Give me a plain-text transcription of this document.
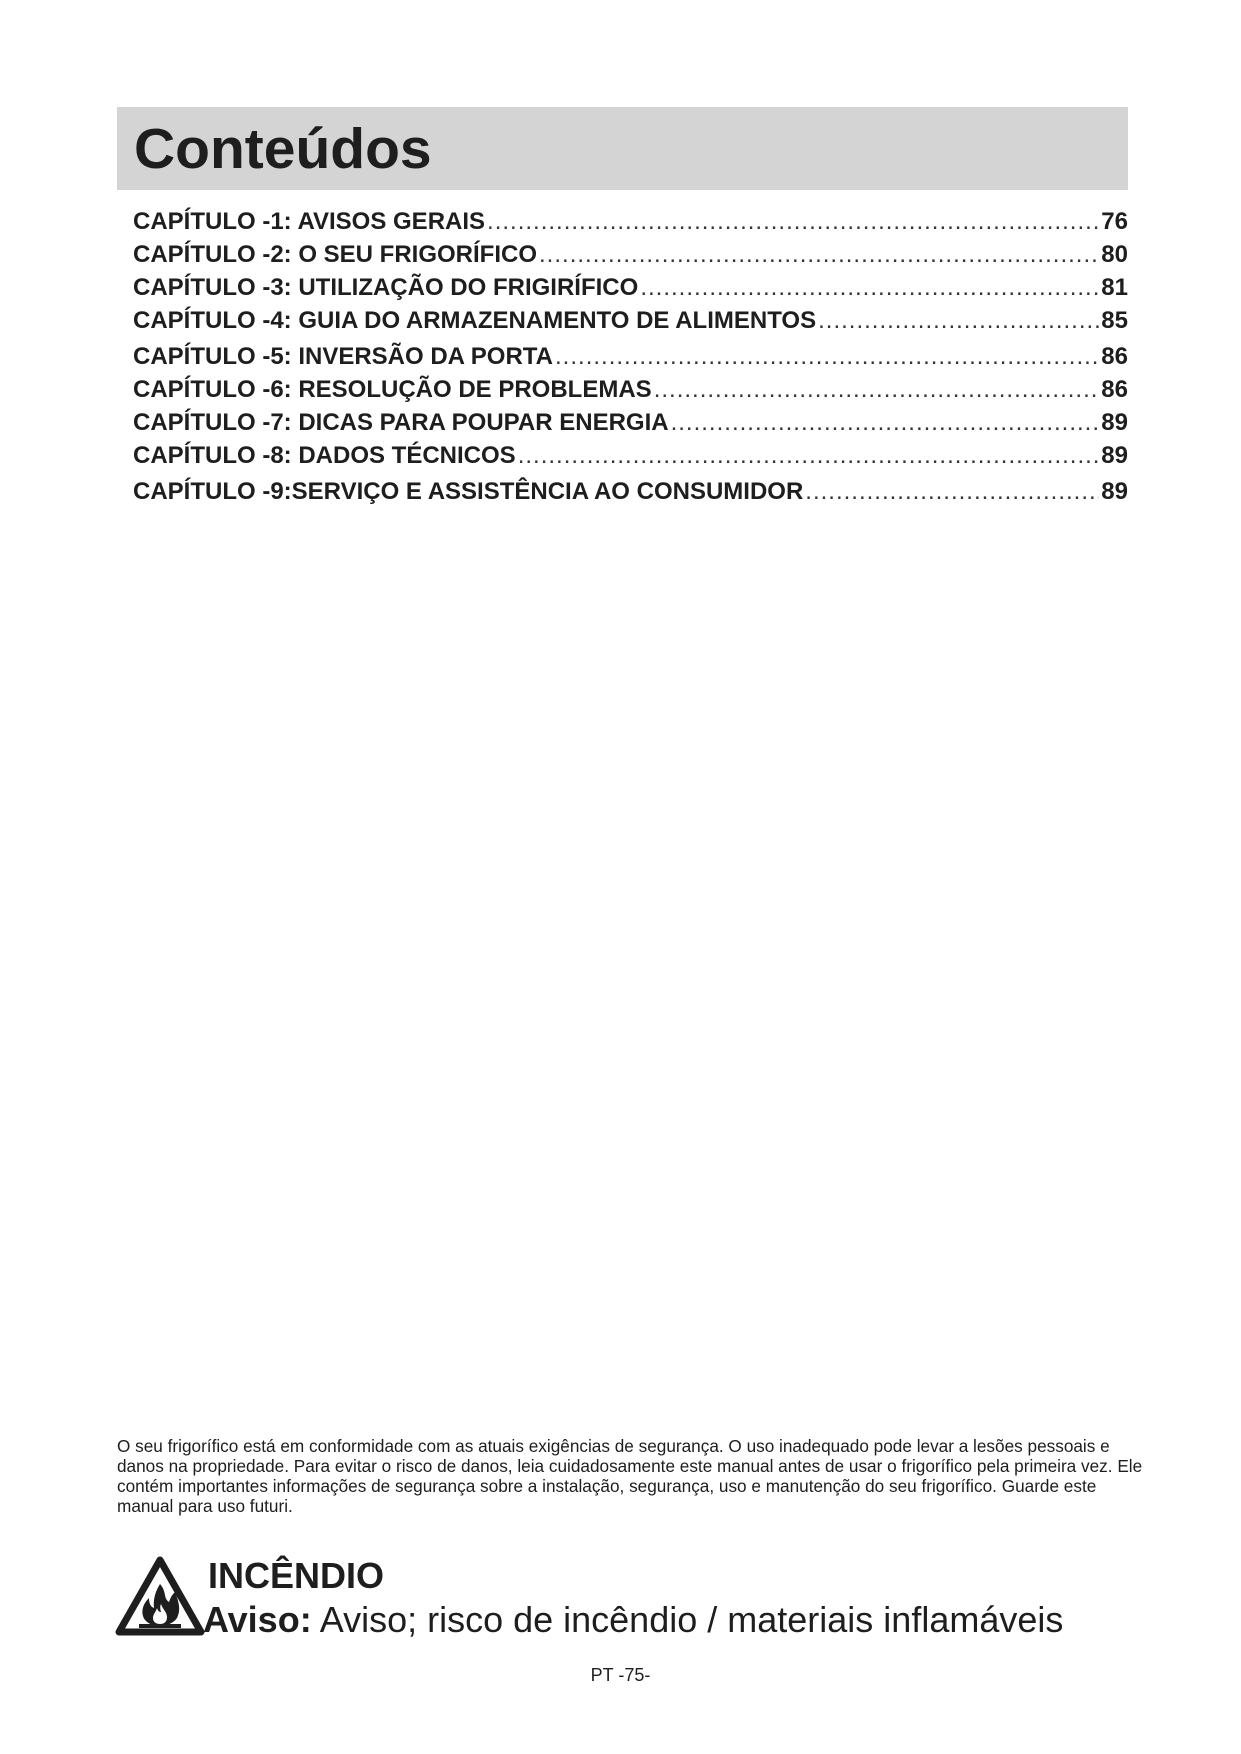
Conteúdos
CAPÍTULO -1: AVISOS GERAIS .....	76
CAPÍTULO -2: O SEU FRIGORÍFICO .....	80
CAPÍTULO -3: UTILIZAÇÃO DO FRIGIRÍFICO .....	81
CAPÍTULO -4: GUIA DO ARMAZENAMENTO DE ALIMENTOS .....	85
CAPÍTULO -5: INVERSÃO DA PORTA .....	86
CAPÍTULO -6: RESOLUÇÃO DE PROBLEMAS .....	86
CAPÍTULO -7: DICAS PARA POUPAR ENERGIA .....	89
CAPÍTULO -8: DADOS TÉCNICOS .....	89
CAPÍTULO -9:SERVIÇO E ASSISTÊNCIA AO CONSUMIDOR .....	89

O seu frigorífico está em conformidade com as atuais exigências de segurança. O uso inadequado pode levar a lesões pessoais e danos na propriedade. Para evitar o risco de danos, leia cuidadosamente este manual antes de usar o frigorífico pela primeira vez. Ele contém importantes informações de segurança sobre a instalação, segurança, uso e manutenção do seu frigorífico. Guarde este manual para uso futuri.

INCÊNDIO
Aviso: Aviso; risco de incêndio / materiais inflamáveis
PT -75-
